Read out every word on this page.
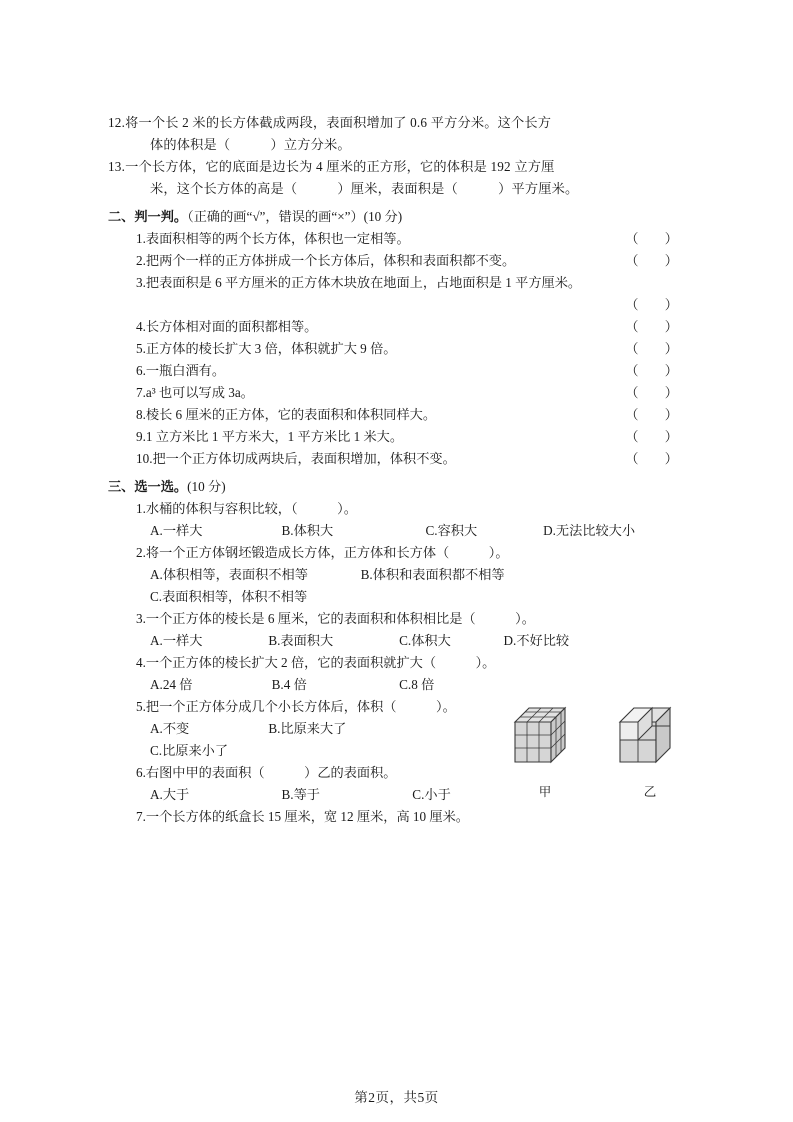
12.将一个长 2 米的长方体截成两段，表面积增加了 0.6 平方分米。这个长方
体的体积是（　　　）立方分米。
13.一个长方体，它的底面是边长为 4 厘米的正方形，它的体积是 192 立方厘
米，这个长方体的高是（　　　）厘米，表面积是（　　　）平方厘米。
二、判一判。（正确的画“√”，错误的画“×”）(10 分)
1.表面积相等的两个长方体，体积也一定相等。	（　　）
2.把两个一样的正方体拼成一个长方体后，体积和表面积都不变。	（　　）
3.把表面积是 6 平方厘米的正方体木块放在地面上，占地面积是 1 平方厘米。
（　　）
4.长方体相对面的面积都相等。	（　　）
5.正方体的棱长扩大 3 倍，体积就扩大 9 倍。	（　　）
6.一瓶白酒有。	（　　）
7.a³ 也可以写成 3a。	（　　）
8.棱长 6 厘米的正方体，它的表面积和体积同样大。	（　　）
9.1 立方米比 1 平方米大，1 平方米比 1 米大。	（　　）
10.把一个正方体切成两块后，表面积增加，体积不变。	（　　）
三、选一选。(10 分)
1.水桶的体积与容积比较，（　　　）。
A.一样大　　　　　　B.体积大　　　　　　　C.容积大　　　　　D.无法比较大小
2.将一个正方体钢坯锻造成长方体，正方体和长方体（　　　）。
A.体积相等，表面积不相等　　　　B.体积和表面积都不相等
C.表面积相等，体积不相等
3.一个正方体的棱长是 6 厘米，它的表面积和体积相比是（　　　）。
A.一样大　　　　　B.表面积大　　　　　C.体积大　　　　D.不好比较
4.一个正方体的棱长扩大 2 倍，它的表面积就扩大（　　　）。
A.24 倍　　　　　　B.4 倍　　　　　　　C.8 倍
5.把一个正方体分成几个小长方体后，体积（　　　）。
A.不变　　　　　　B.比原来大了
C.比原来小了
6.右图中甲的表面积（　　　）乙的表面积。
A.大于　　　　　　　B.等于　　　　　　　C.小于
7.一个长方体的纸盒长 15 厘米，宽 12 厘米，高 10 厘米。
甲	乙
第2页，共5页
